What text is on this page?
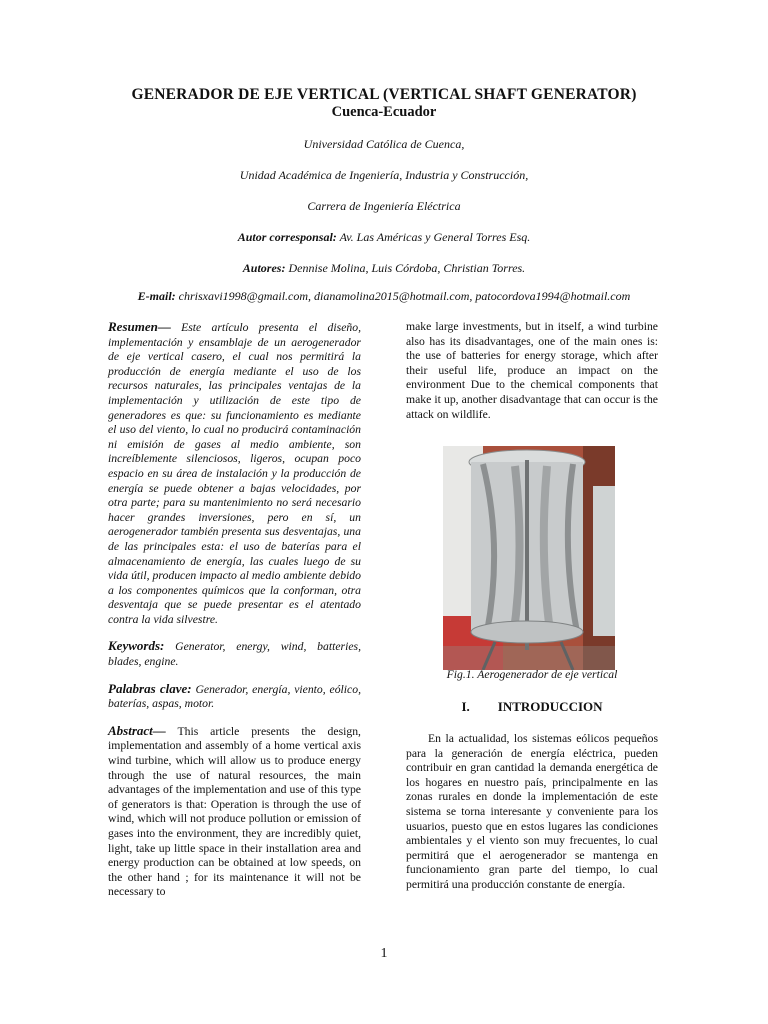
GENERADOR DE EJE VERTICAL (VERTICAL SHAFT GENERATOR)
Cuenca-Ecuador
Universidad Católica de Cuenca,
Unidad Académica de Ingeniería, Industria y Construcción,
Carrera de Ingeniería Eléctrica
Autor corresponsal: Av. Las Américas y General Torres Esq.
Autores: Dennise Molina, Luis Córdoba, Christian Torres.
E-mail: chrisxavi1998@gmail.com, dianamolina2015@hotmail.com, patocordova1994@hotmail.com

Resumen— Este artículo presenta el diseño, implementación y ensamblaje de un aerogenerador de eje vertical casero, el cual nos permitirá la producción de energía mediante el uso de los recursos naturales, las principales ventajas de la implementación y utilización de este tipo de generadores es que: su funcionamiento es mediante el uso del viento, lo cual no producirá contaminación ni emisión de gases al medio ambiente, son increíblemente silenciosos, ligeros, ocupan poco espacio en su área de instalación y la producción de energía se puede obtener a bajas velocidades, por otra parte; para su mantenimiento no será necesario hacer grandes inversiones, pero en sí, un aerogenerador también presenta sus desventajas, una de las principales esta: el uso de baterías para el almacenamiento de energía, las cuales luego de su vida útil, producen impacto al medio ambiente debido a los componentes químicos que la conforman, otra desventaja que se puede presentar es el atentado contra la vida silvestre.

Keywords: Generator, energy, wind, batteries, blades, engine.

Palabras clave: Generador, energía, viento, eólico, baterías, aspas, motor.

Abstract— This article presents the design, implementation and assembly of a home vertical axis wind turbine, which will allow us to produce energy through the use of natural resources, the main advantages of the implementation and use of this type of generators is that: Operation is through the use of wind, which will not produce pollution or emission of gases into the environment, they are incredibly quiet, light, take up little space in their installation area and energy production can be obtained at low speeds, on the other hand ; for its maintenance it will not be necessary to

make large investments, but in itself, a wind turbine also has its disadvantages, one of the main ones is: the use of batteries for energy storage, which after their useful life, produce an impact on the environment Due to the chemical components that make it up, another disadvantage that can occur is the attack on wildlife.

Fig.1. Aerogenerador de eje vertical
I. INTRODUCCION

En la actualidad, los sistemas eólicos pequeños para la generación de energía eléctrica, pueden contribuir en gran cantidad la demanda energética de los hogares en nuestro país, principalmente en las zonas rurales en donde la implementación de este sistema se torna interesante y conveniente para los usuarios, puesto que en estos lugares las condiciones ambientales y el viento son muy frecuentes, lo cual permitirá que el aerogenerador se mantenga en funcionamiento gran parte del tiempo, lo cual permitirá una producción constante de energía.

1
